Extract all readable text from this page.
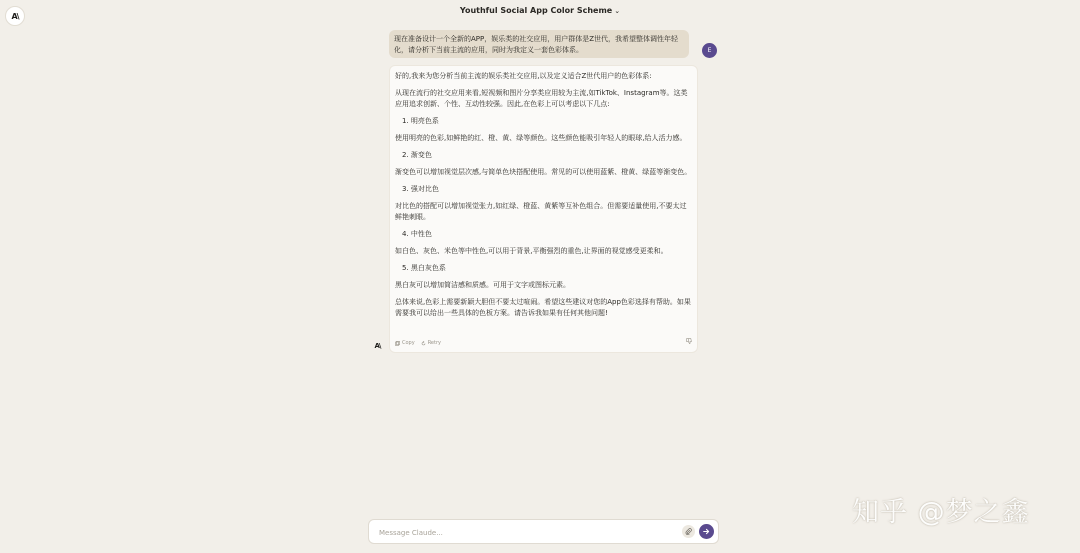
A\
Youthful Social App Color Scheme ⌄
现在准备设计一个全新的APP，娱乐类的社交应用，用户群体是Z世代，我希望整体调性年轻化，请分析下当前主流的应用，同时为我定义一套色彩体系。	E

好的,我来为您分析当前主流的娱乐类社交应用,以及定义适合Z世代用户的色彩体系:

从现在流行的社交应用来看,短视频和图片分享类应用较为主流,如TikTok、Instagram等。这类应用追求创新、个性、互动性较强。因此,在色彩上可以考虑以下几点:

1. 明亮色系

使用明亮的色彩,如鲜艳的红、橙、黄、绿等颜色。这些颜色能吸引年轻人的眼球,给人活力感。

2. 渐变色

渐变色可以增加视觉层次感,与简单色块搭配使用。常见的可以使用蓝紫、橙黄、绿蓝等渐变色。

3. 强对比色

对比色的搭配可以增加视觉张力,如红绿、橙蓝、黄紫等互补色组合。但需要适量使用,不要太过鲜艳刺眼。

4. 中性色

如白色、灰色、米色等中性色,可以用于背景,平衡强烈的重色,让界面的视觉感受更柔和。

5. 黑白灰色系

黑白灰可以增加简洁感和质感。可用于文字或图标元素。

总体来说,色彩上需要新颖大胆但不要太过喧闹。希望这些建议对您的App色彩选择有帮助。如果需要我可以给出一些具体的色板方案。请告诉我如果有任何其他问题!

Copy	Retry
A\
Message Claude...
知乎 @梦之鑫
